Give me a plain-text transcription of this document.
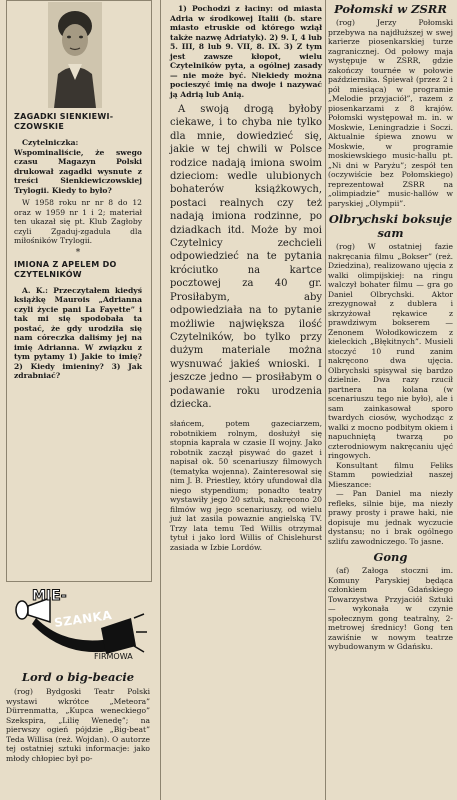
ZAGADKI SIENKIEWI-CZOWSKIE

Czytelniczka: Wspominaliście, że swego czasu Magazyn Polski drukował zagadki wysnute z treści Sienkiewiczowskiej Trylogii. Kiedy to było?

W 1958 roku nr nr 8 do 12 oraz w 1959 nr 1 i 2; materiał ten ukazał się pt. Klub Zagłoby czyli Zgaduj-zgadula dla miłośników Trylogii.

*

IMIONA Z APELEM DO CZYTELNIKÓW

A. K.: Przeczytałem kiedyś książkę Maurois „Adrianna czyli życie pani La Fayette” i tak mi się spodobała ta postać, że gdy urodziła się nam córeczka daliśmy jej na imię Adrianna. W związku z tym pytamy 1) Jakie to imię? 2) Kiedy imieniny? 3) Jak zdrabniać?

MIE-
SZANKA
FIRMOWA

Lord o big-beacie

(rog) Bydgoski Teatr Polski wystawi wkrótce „Meteora” Dürrenmatta, „Kupca weneckiego” Szekspira, „Lilię Wenedę”; na pierwszy ogień pójdzie „Big-beat” Teda Willisa (reż. Wojdan). O autorze tej ostatniej sztuki informacje: jako młody chłopiec był po-

1) Pochodzi z łaciny: od miasta Adria w środkowej Italii (b. stare miasto etruskie od którego wziął także nazwę Adriatyk). 2) 9. I, 4 lub 5. III, 8 lub 9. VII, 8. IX. 3) Z tym jest zawsze kłopot, wielu Czytelników pyta, a ogólnej zasady — nie może być. Niekiedy można pocieszyć imię na dwoje i nazywać ją Adrią lub Anią.

A swoją drogą byłoby ciekawe, i to chyba nie tylko dla mnie, dowiedzieć się, jakie w tej chwili w Polsce rodzice nadają imiona swoim dzieciom: wedle ulubionych bohaterów książkowych, postaci realnych czy też nadają imiona rodzinne, po dziadkach itd. Może by moi Czytelnicy zechcieli odpowiedzieć na te pytania króciutko na kartce pocztowej za 40 gr. Prosiłabym, aby odpowiedziała na to pytanie możliwie największa ilość Czytelników, bo tylko przy dużym materiale można wysnuwać jakieś wnioski. I jeszcze jedno — prosiłabym o podawanie roku urodzenia dziecka.

słańcem, potem gazeciarzem, robotnikiem rolnym, dosłużył się stopnia kaprala w czasie II wojny. Jako robotnik zaczął pisywać do gazet i napisał ok. 50 scenariuszy filmowych (tematyka wojenna). Zainteresował się nim J. B. Priestley, który ufundował dla niego stypendium; ponadto teatry wystawiły jego 20 sztuk, nakręcono 20 filmów wg jego scenariuszy, od wielu już lat zasila powaznie angielską TV. Trzy lata temu Ted Willis otrzymał tytuł i jako lord Willis of Chislehurst zasiada w Izbie Lordów.

Połomski w ZSRR

(rog) Jerzy Połomski przebywa na najdłuższej w swej karierze piosenkarskiej turze zagranicznej. Od połowy maja występuje w ZSRR, gdzie zakończy tournée w połowie października. Śpiewał (przez 2 i pół miesiąca) w programie „Melodie przyjaciół”, razem z piosenkarzami z 8 krajów. Połomski występował m. in. w Moskwie, Leningradzie i Soczi. Aktualnie śpiewa znowu w Moskwie, w programie moskiewskiego music-hallu pt. „Ni dni w Paryżu”; zespół ten (oczywiście bez Połomskiego) reprezentował ZSRR na „olimpiadzie” music-hallów w paryskiej „Olympii”.

Olbrychski boksuje sam

(rog) W ostatniej fazie nakręcania filmu „Bokser” (reż. Dziedzina), realizowano ujęcia z walki olimpijskiej: na ringu walczył bohater filmu — gra go Daniel Olbrychski. Aktor zrezygnował z dublera i skrzyżował rękawice z prawdziwym bokserem — Zenonem Wołodkowiczem z kieleckich „Błękitnych”. Musieli stoczyć 10 rund zanim nakręcono dwa ujęcia. Olbrychski spisywał się bardzo dzielnie. Dwa razy rzucił partnera na kolana (w scenariuszu tego nie było), ale i sam zainkasował sporo twardych ciosów, wychodząc z walki z mocno podbitym okiem i napuchniętą twarzą po czterodniowym nakręcaniu ujęć ringowych.

Konsultant filmu Feliks Stamm powiedział naszej Mieszance:

— Pan Daniel ma niezły refleks, silnie bije, ma niezły prawy prosty i prawe haki, nie dopisuje mu jednak wyczucie dystansu; no i brak ogólnego szlifu zawodniczego. To jasne.

Gong

(af) Załoga stoczni im. Komuny Paryskiej będąca członkiem Gdańskiego Towarzystwa Przyjaciół Sztuki — wykonała w czynie społecznym gong teatralny, 2-metrowej średnicy! Gong ten zawiśnie w nowym teatrze wybudowanym w Gdańsku.
